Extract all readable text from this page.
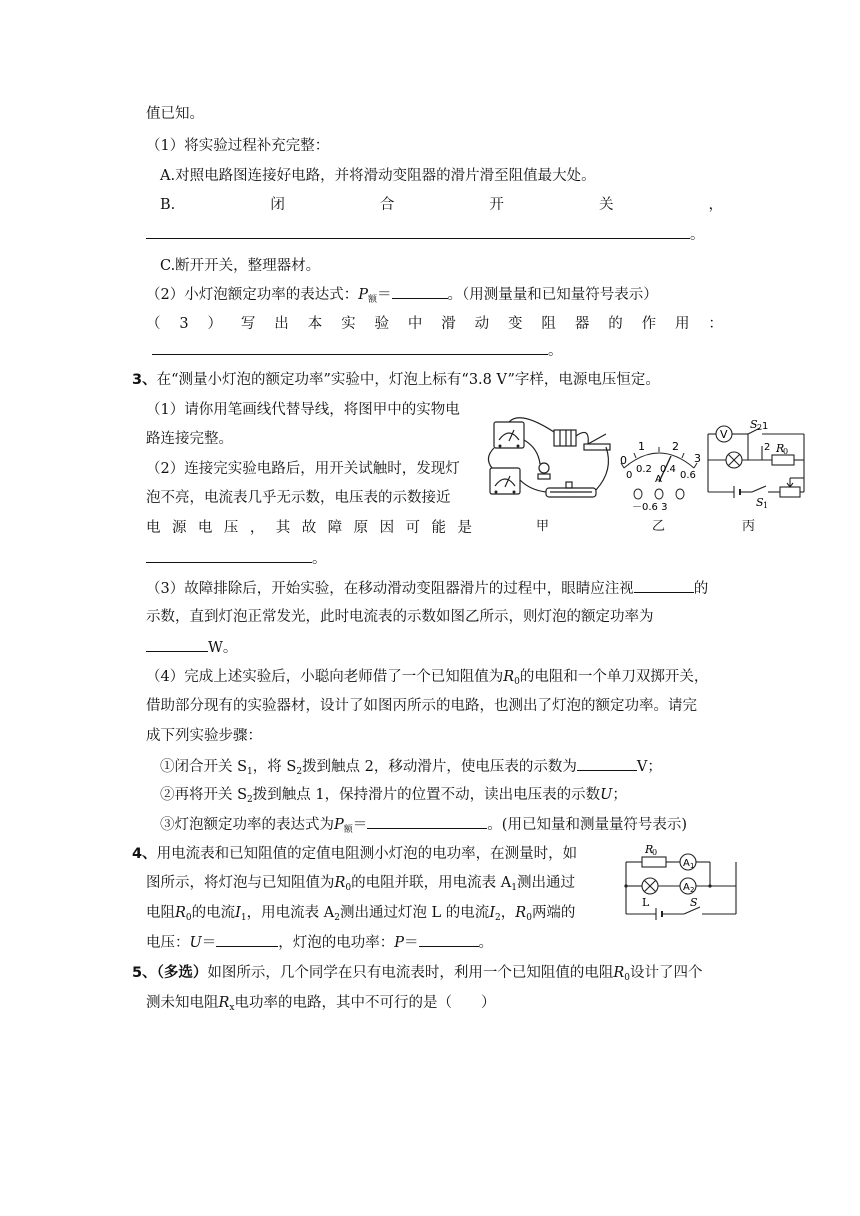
值已知。
（1）将实验过程补充完整：
A.对照电路图连接好电路，并将滑动变阻器的滑片滑至阻值最大处。
B.	闭	合	开	关	，
。
C.断开开关，整理器材。
（2）小灯泡额定功率的表达式：$P_额=$	。（用测量量和已知量符号表示）
（ 3 ） 写 出 本 实 验 中 滑 动 变 阻 器 的 作 用 ：
。
3、在“测量小灯泡的额定功率”实验中，灯泡上标有“3.8 V”字样，电源电压恒定。
（1）请你用笔画线代替导线，将图甲中的实物电
路连接完整。
（2）连接完实验电路后，用开关试触时，发现灯
泡不亮，电流表几乎无示数，电压表的示数接近
电 源 电 压 ， 其 故 障 原 因 可 能 是
。
甲
0
1 2
3
0
0.2 0.4
0.6
A
－0.6 3
乙
V
S 2 1
2 R
0
S 1
丙
（3）故障排除后，开始实验，在移动滑动变阻器滑片的过程中，眼睛应注视	的
示数，直到灯泡正常发光，此时电流表的示数如图乙所示，则灯泡的额定功率为
W。
（4）完成上述实验后，小聪向老师借了一个已知阻值为$R_0$的电阻和一个单刀双掷开关，
借助部分现有的实验器材，设计了如图丙所示的电路，也测出了灯泡的额定功率。请完
成下列实验步骤：
①闭合开关 $S_1$，将 $S_2$拨到触点 2，移动滑片，使电压表的示数为	V；
②再将开关 $S_2$拨到触点 1，保持滑片的位置不动，读出电压表的示数U；
③灯泡额定功率的表达式为$P_额=$	。(用已知量和测量量符号表示)
4、用电流表和已知阻值的定值电阻测小灯泡的电功率，在测量时，如
图所示，将灯泡与已知阻值为$R_0$的电阻并联，用电流表 $A_1$测出通过
电阻$R_0$的电流$I_1$，用电流表 $A_2$测出通过灯泡 L 的电流$I_2$，$R_0$两端的
电压：U＝	，灯泡的电功率：P＝	。
R
0
A 1
A 2
L	S
5、（多选）如图所示，几个同学在只有电流表时，利用一个已知阻值的电阻$R_0$设计了四个
测未知电阻$R_x$电功率的电路，其中不可行的是（　　）
